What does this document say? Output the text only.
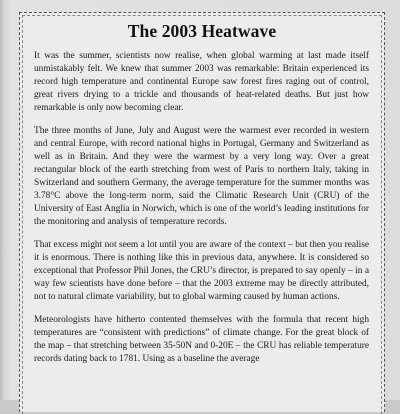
The 2003 Heatwave

It was the summer, scientists now realise, when global warming at last made itself unmistakably felt. We knew that summer 2003 was remarkable: Britain experienced its record high temperature and continental Europe saw forest fires raging out of control, great rivers drying to a trickle and thousands of heat-related deaths. But just how remarkable is only now becoming clear.

The three months of June, July and August were the warmest ever recorded in western and central Europe, with record national highs in Portugal, Germany and Switzerland as well as in Britain. And they were the warmest by a very long way. Over a great rectangular block of the earth stretching from west of Paris to northern Italy, taking in Switzerland and southern Germany, the average temperature for the summer months was 3.78°C above the long-term norm, said the Climatic Research Unit (CRU) of the University of East Anglia in Norwich, which is one of the world’s leading institutions for the monitoring and analysis of temperature records.

That excess might not seem a lot until you are aware of the context – but then you realise it is enormous. There is nothing like this in previous data, anywhere. It is considered so exceptional that Professor Phil Jones, the CRU’s director, is prepared to say openly – in a way few scientists have done before – that the 2003 extreme may be directly attributed, not to natural climate variability, but to global warming caused by human actions.

Meteorologists have hitherto contented themselves with the formula that recent high temperatures are “consistent with predictions” of climate change. For the great block of the map – that stretching between 35-50N and 0-20E – the CRU has reliable temperature records dating back to 1781. Using as a baseline the average
